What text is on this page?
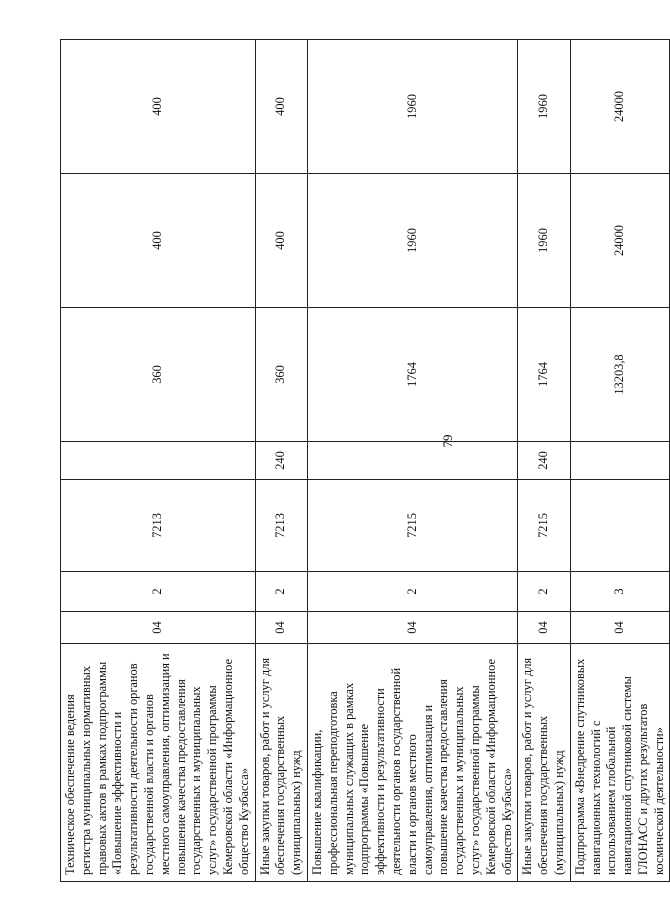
79
Техническое обеспечение ведения регистра муниципальных нормативных правовых актов в рамках подпрограммы «Повышение эффективности и результативности деятельности органов государственной власти и органов местного самоуправления, оптимизация и повышение качества предоставления государственных и муниципальных услуг» государственной программы Кемеровской области «Информационное общество Кузбасса»	04	2	7213		360	400	400
Иные закупки товаров, работ и услуг для обеспечения государственных (муниципальных) нужд	04	2	7213	240	360	400	400
Повышение квалификации, профессиональная переподготовка муниципальных служащих в рамках подпрограммы «Повышение эффективности и результативности деятельности органов государственной власти и органов местного самоуправления, оптимизация и повышение качества предоставления государственных и муниципальных услуг» государственной программы Кемеровской области «Информационное общество Кузбасса»	04	2	7215		1764	1960	1960
Иные закупки товаров, работ и услуг для обеспечения государственных (муниципальных) нужд	04	2	7215	240	1764	1960	1960
Подпрограмма «Внедрение спутниковых навигационных технологий с использованием глобальной навигационной спутниковой системы ГЛОНАСС и других результатов космической деятельности»	04	3			13203,8	24000	24000
